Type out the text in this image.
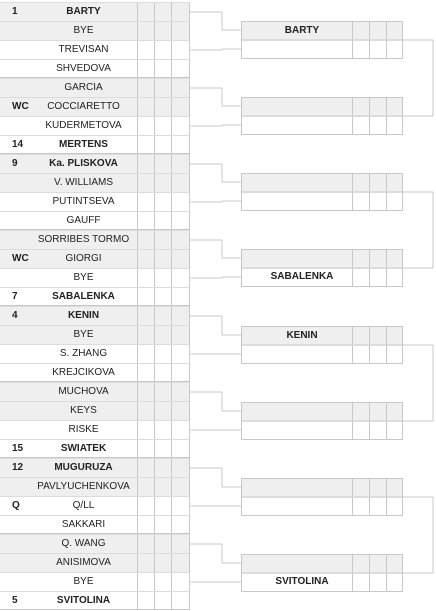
1	BARTY
BYE
TREVISAN
SHVEDOVA
GARCIA
WC	COCCIARETTO
KUDERMETOVA
14	MERTENS
9	Ka. PLISKOVA
V. WILLIAMS
PUTINTSEVA
GAUFF
SORRIBES TORMO
WC	GIORGI
BYE
7	SABALENKA
4	KENIN
BYE
S. ZHANG
KREJCIKOVA
MUCHOVA
KEYS
RISKE
15	SWIATEK
12	MUGURUZA
PAVLYUCHENKOVA
Q	Q/LL
SAKKARI
Q. WANG
ANISIMOVA
BYE
5	SVITOLINA
BARTY
SABALENKA
KENIN
SVITOLINA
